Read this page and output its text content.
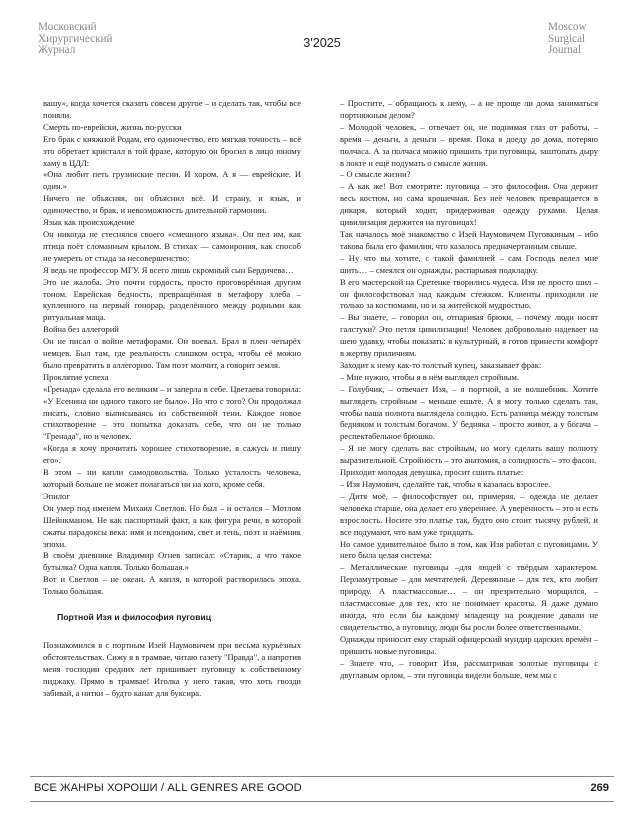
Московский
Хирургический
Журнал
3'2025
Moscow
Surgical
Journal

вашу», когда хочется сказать совсем другое – и сделать так, чтобы все поняли.

Смерть по-еврейски, жизнь по-русски

Его брак с княжной Родам, его одиночество, его мягкая точность – всё это обретает кристалл в той фразе, которую он бросил в лицо юному хаму в ЦДЛ:

«Она любит петь грузинские песни. И хором. А я — еврейские. И один.»

Ничего не объясняя, он объяснил всё. И страну, и язык, и одиночество, и брак, и невозможность длительной гармонии.

Язык как происхождение

Он никогда не стеснялся своего «смешного языка». Он пел им, как птица поёт сломанным крылом. В стихах — самоирония, как способ не умереть от стыда за несовершенство:

Я ведь не профессор МГУ. Я всего лишь скромный сын Бердичева…

Это не жалоба. Это почти гордость, просто проговорённая другим тоном. Еврейская бедность, превращённая в метафору хлеба – купленного на первый гонорар, разделённого между родными как ритуальная маца.

Война без аллегорий

Он не писал о войне метафорами. Он воевал. Брал в плен четырёх немцев. Был там, где реальность слишком остра, чтобы её можно было превратить в аллегорию. Там поэт молчит, а говорит земля.

Проклятие успеха

«Гренада» сделала его великим – и заперла в себе. Цветаева говорила: «У Есенина ни одного такого не было». Но что с того? Он продолжал писать, словно выписываясь из собственной тени. Каждое новое стихотворение – это попытка доказать себе, что он не только "Гренада", но и человек.

«Когда я хочу прочитать хорошее стихотворение, я сажусь и пишу его».

В этом – ни капли самодовольства. Только усталость человека, который больше не может полагаться ни на кого, кроме себя.

Эпилог

Он умер под именем Михаил Светлов. Но был – и остался – Мотлом Шейнкманом. Не как паспортный факт, а как фигура речи, в которой сжаты парадоксы века: имя и псевдоним, свет и тень, поэт и наёмник эпохи.

В своём дневнике Владимир Огнев записал: «Старик, а что такое бутылка? Одна капля. Только большая.»

Вот и Светлов – не океан. А капля, в которой растворилась эпоха. Только большая.

Портной Изя и философия пуговиц

Познакомился я с портным Изей Наумовичем при весьма курьёзных обстоятельствах. Сижу я в трамвае, читаю газету "Правда", а напротив меня господин средних лет пришивает пуговицу к собственному пиджаку. Прямо в трамвае! Иголка у него такая, что хоть гвозди забивай, а нитки – будто канат для буксира.

– Простите, – обращаюсь к нему, – а не проще ли дома заниматься портняжным делом?

– Молодой человек, – отвечает он, не поднимая глаз от работы, – время – деньги, а деньги – время. Пока я доеду до дома, потеряю полчаса. А за полчаса можно пришить три пуговицы, заштопать дыру в локте и ещё подумать о смысле жизни.

– О смысле жизни?

– А как же! Вот смотрите: пуговица – это философия. Она держит весь костюм, но сама крошечная. Без неё человек превращается в дикаря, который ходит, придерживая одежду руками. Целая цивилизация держится на пуговицах!

Так началось моё знакомство с Изей Наумовичем Пуговкиным – ибо такова была его фамилия, что казалось предначертанным свыше.

– Ну что вы хотите, с такой фамилией – сам Господь велел мне шить… – смеялся он однажды, распарывая подкладку.

В его мастерской на Сретенке творились чудеса. Изя не просто шил – он философствовал над каждым стежком. Клиенты приходили не только за костюмами, но и за житейской мудростью.

– Вы знаете, – говорил он, отпаривая брюки, – почему люди носят галстуки? Это петля цивилизации! Человек добровольно надевает на шею удавку, чтобы показать: я культурный, я готов принести комфорт в жертву приличиям.

Заходит к нему как-то толстый купец, заказывает фрак:

– Мне нужно, чтобы я в нём выглядел стройным.

– Голубчик, – отвечает Изя, – я портной, а не волшебник. Хотите выглядеть стройным – меньше ешьте. А я могу только сделать так, чтобы ваша полнота выглядела солидно. Есть разница между толстым бедняком и толстым богачом. У бедняка – просто живот, а у богача – респектабельное брюшко.

– Я не могу сделать вас стройным, но могу сделать вашу полноту выразительной. Стройность – это анатомия, а солидность – это фасон.

Приходит молодая девушка, просит сшить платье:

– Изя Наумович, сделайте так, чтобы я казалась взрослее.

– Дитя моё, – философствует он, примеряя, – одежда не делает человека старше, она делает его увереннее. А уверенность – это и есть взрослость. Носите это платье так, будто оно стоит тысячу рублей, и все подумают, что вам уже тридцать.

Но самое удивительное было в том, как Изя работал с пуговицами. У него была целая система:

– Металлические пуговицы –для людей с твёрдым характером. Перламутровые – для мечтателей. Деревянные – для тех, кто любит природу. А пластмассовые… – он презрительно морщился, – пластмассовые для тех, кто не понимает красоты. Я даже думаю иногда, что если бы каждому младенцу на рождение давали не свидетельство, а пуговицу, люди бы росли более ответственными.

Однажды приносит ему старый офицерский мундир царских времён – пришить новые пуговицы.

– Знаете что, – говорит Изя, рассматривая золотые пуговицы с двуглавым орлом, – эти пуговицы видели больше, чем мы с

ВСЕ ЖАНРЫ ХОРОШИ / ALL GENRES ARE GOOD	269
